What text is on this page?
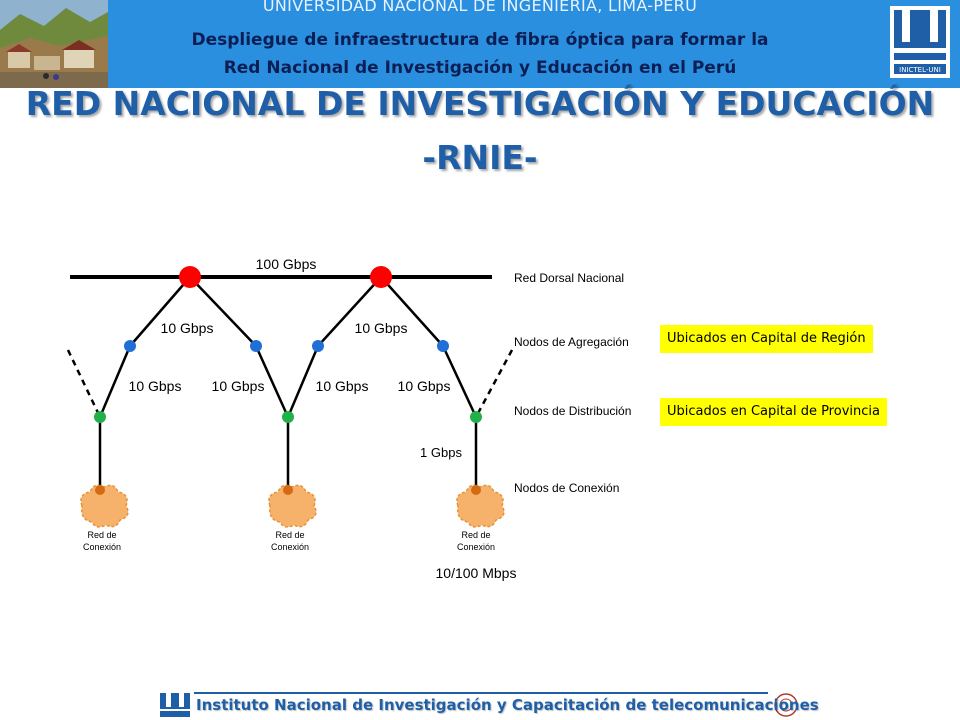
UNIVERSIDAD NACIONAL DE INGENIERIA, LIMA-PERU
Despliegue de infraestructura de fibra óptica para formar la
Red Nacional de Investigación y Educación en el Perú	INICTEL-UNI
RED NACIONAL DE INVESTIGACIÓN Y EDUCACIÓN
-RNIE-
100 Gbps
10 Gbps	10 Gbps
10 Gbps 10 Gbps	10 Gbps 10 Gbps
1 Gbps
10/100 Mbps
Red de
Conexión
Red de
Conexión
Red de
Conexión
Red Dorsal Nacional
Nodos de Agregación
Nodos de Distribución
Nodos de Conexión
Ubicados en Capital de Región
Ubicados en Capital de Provincia
Instituto Nacional de Investigación y Capacitación de telecomunicaciones
